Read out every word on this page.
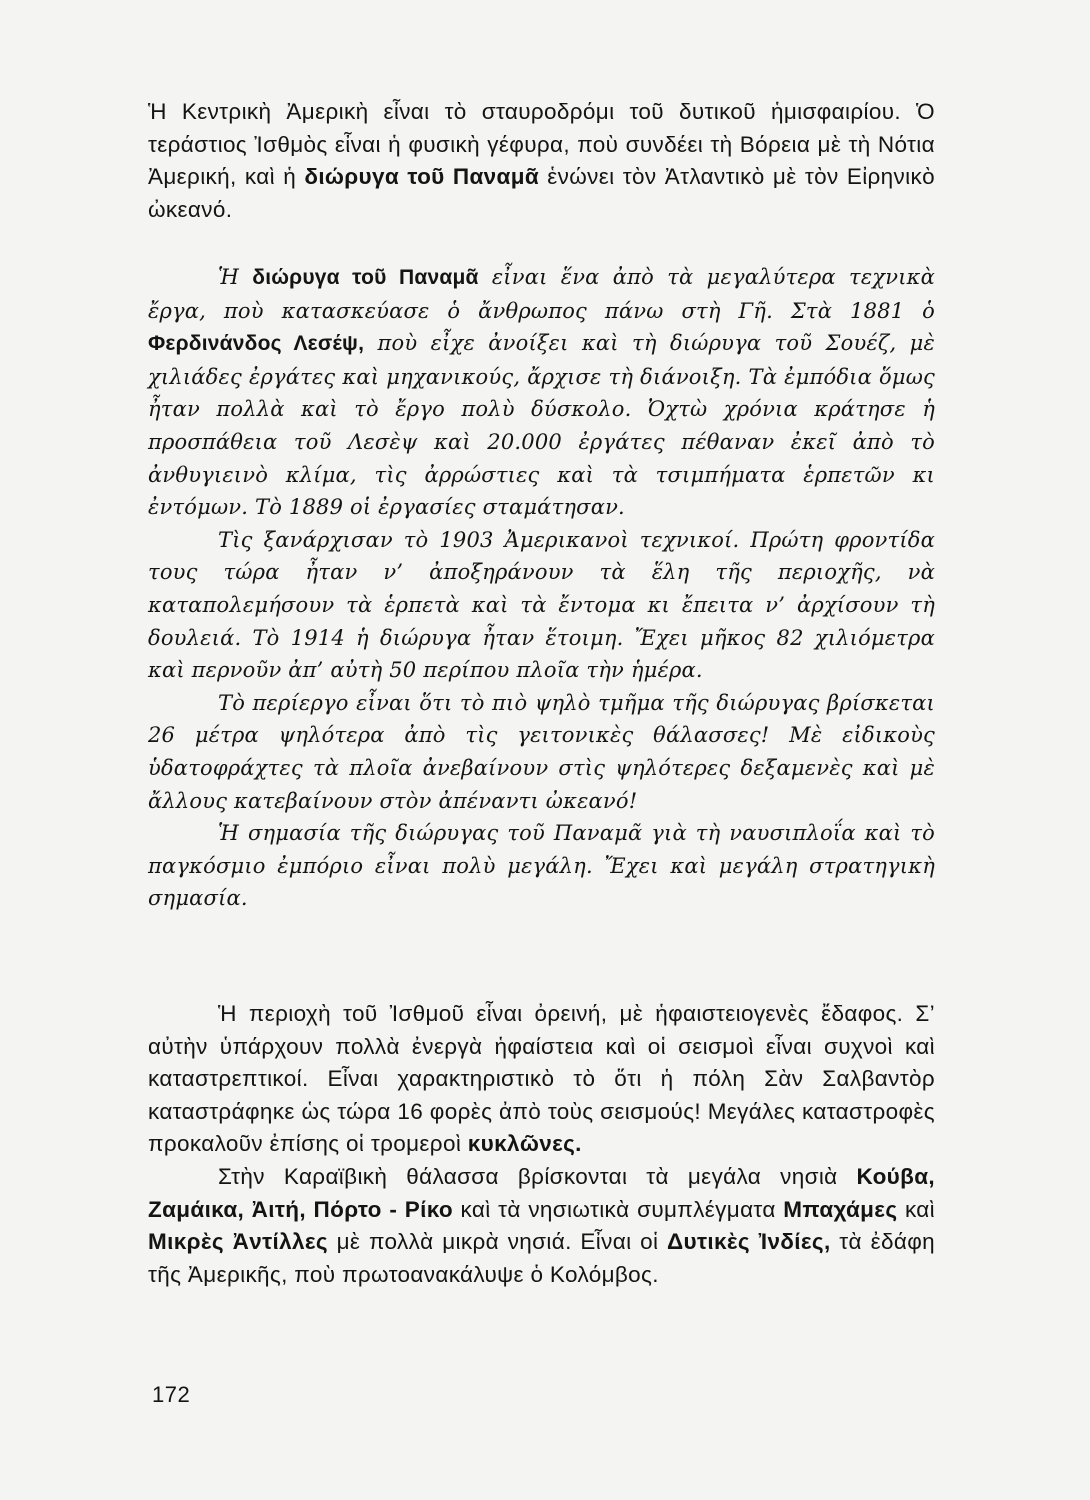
Ἡ Κεντρικὴ Ἀμερικὴ εἶναι τὸ σταυροδρόμι τοῦ δυτικοῦ ἡμισφαιρίου. Ὁ τεράστιος Ἰσθμὸς εἶναι ἡ φυσικὴ γέφυρα, ποὺ συνδέει τὴ Βόρεια μὲ τὴ Νότια Ἀμερική, καὶ ἡ διώρυγα τοῦ Παναμᾶ ἑνώνει τὸν Ἀτλαντικὸ μὲ τὸν Εἰρηνικὸ ὠκεανό.

Ἡ διώρυγα τοῦ Παναμᾶ εἶναι ἕνα ἀπὸ τὰ μεγαλύτερα τεχνικὰ ἔργα, ποὺ κατασκεύασε ὁ ἄνθρωπος πάνω στὴ Γῆ. Στὰ 1881 ὁ Φερδινάνδος Λεσέψ, ποὺ εἶχε ἀνοίξει καὶ τὴ διώρυγα τοῦ Σουέζ, μὲ χιλιάδες ἐργάτες καὶ μηχανικούς, ἄρχισε τὴ διάνοιξη. Τὰ ἐμπόδια ὅμως ἦταν πολλὰ καὶ τὸ ἔργο πολὺ δύσκολο. Ὀχτὼ χρόνια κράτησε ἡ προσπάθεια τοῦ Λεσὲψ καὶ 20.000 ἐργάτες πέθαναν ἐκεῖ ἀπὸ τὸ ἀνθυγιεινὸ κλίμα, τὶς ἀρρώστιες καὶ τὰ τσιμπήματα ἑρπετῶν κι ἐντόμων. Τὸ 1889 οἱ ἐργασίες σταμάτησαν.

Τὶς ξανάρχισαν τὸ 1903 Ἀμερικανοὶ τεχνικοί. Πρώτη φροντίδα τους τώρα ἦταν ν’ ἀποξηράνουν τὰ ἕλη τῆς περιοχῆς, νὰ καταπολεμήσουν τὰ ἑρπετὰ καὶ τὰ ἔντομα κι ἔπειτα ν’ ἀρχίσουν τὴ δουλειά. Τὸ 1914 ἡ διώρυγα ἦταν ἕτοιμη. Ἔχει μῆκος 82 χιλιόμετρα καὶ περνοῦν ἀπ’ αὐτὴ 50 περίπου πλοῖα τὴν ἡμέρα.

Τὸ περίεργο εἶναι ὅτι τὸ πιὸ ψηλὸ τμῆμα τῆς διώρυγας βρίσκεται 26 μέτρα ψηλότερα ἀπὸ τὶς γειτονικὲς θάλασσες! Μὲ εἰδικοὺς ὑδατοφράχτες τὰ πλοῖα ἀνεβαίνουν στὶς ψηλότερες δεξαμενὲς καὶ μὲ ἄλλους κατεβαίνουν στὸν ἀπέναντι ὠκεανό!

Ἡ σημασία τῆς διώρυγας τοῦ Παναμᾶ γιὰ τὴ ναυσιπλοΐα καὶ τὸ παγκόσμιο ἐμπόριο εἶναι πολὺ μεγάλη. Ἔχει καὶ μεγάλη στρατηγικὴ σημασία.

Ἡ περιοχὴ τοῦ Ἰσθμοῦ εἶναι ὀρεινή, μὲ ἡφαιστειογενὲς ἔδαφος. Σ’ αὐτὴν ὑπάρχουν πολλὰ ἐνεργὰ ἡφαίστεια καὶ οἱ σεισμοὶ εἶναι συχνοὶ καὶ καταστρεπτικοί. Εἶναι χαρακτηριστικὸ τὸ ὅτι ἡ πόλη Σὰν Σαλβαντὸρ καταστράφηκε ὡς τώρα 16 φορὲς ἀπὸ τοὺς σεισμούς! Μεγάλες καταστροφὲς προκαλοῦν ἐπίσης οἱ τρομεροὶ κυκλῶνες.

Στὴν Καραϊβικὴ θάλασσα βρίσκονται τὰ μεγάλα νησιὰ Κούβα, Ζαμάικα, Ἀιτή, Πόρτο - Ρίκο καὶ τὰ νησιωτικὰ συμπλέγματα Μπαχάμες καὶ Μικρὲς Ἀντίλλες μὲ πολλὰ μικρὰ νησιά. Εἶναι οἱ Δυτικὲς Ἰνδίες, τὰ ἐδάφη τῆς Ἀμερικῆς, ποὺ πρωτοανακάλυψε ὁ Κολόμβος.

172
